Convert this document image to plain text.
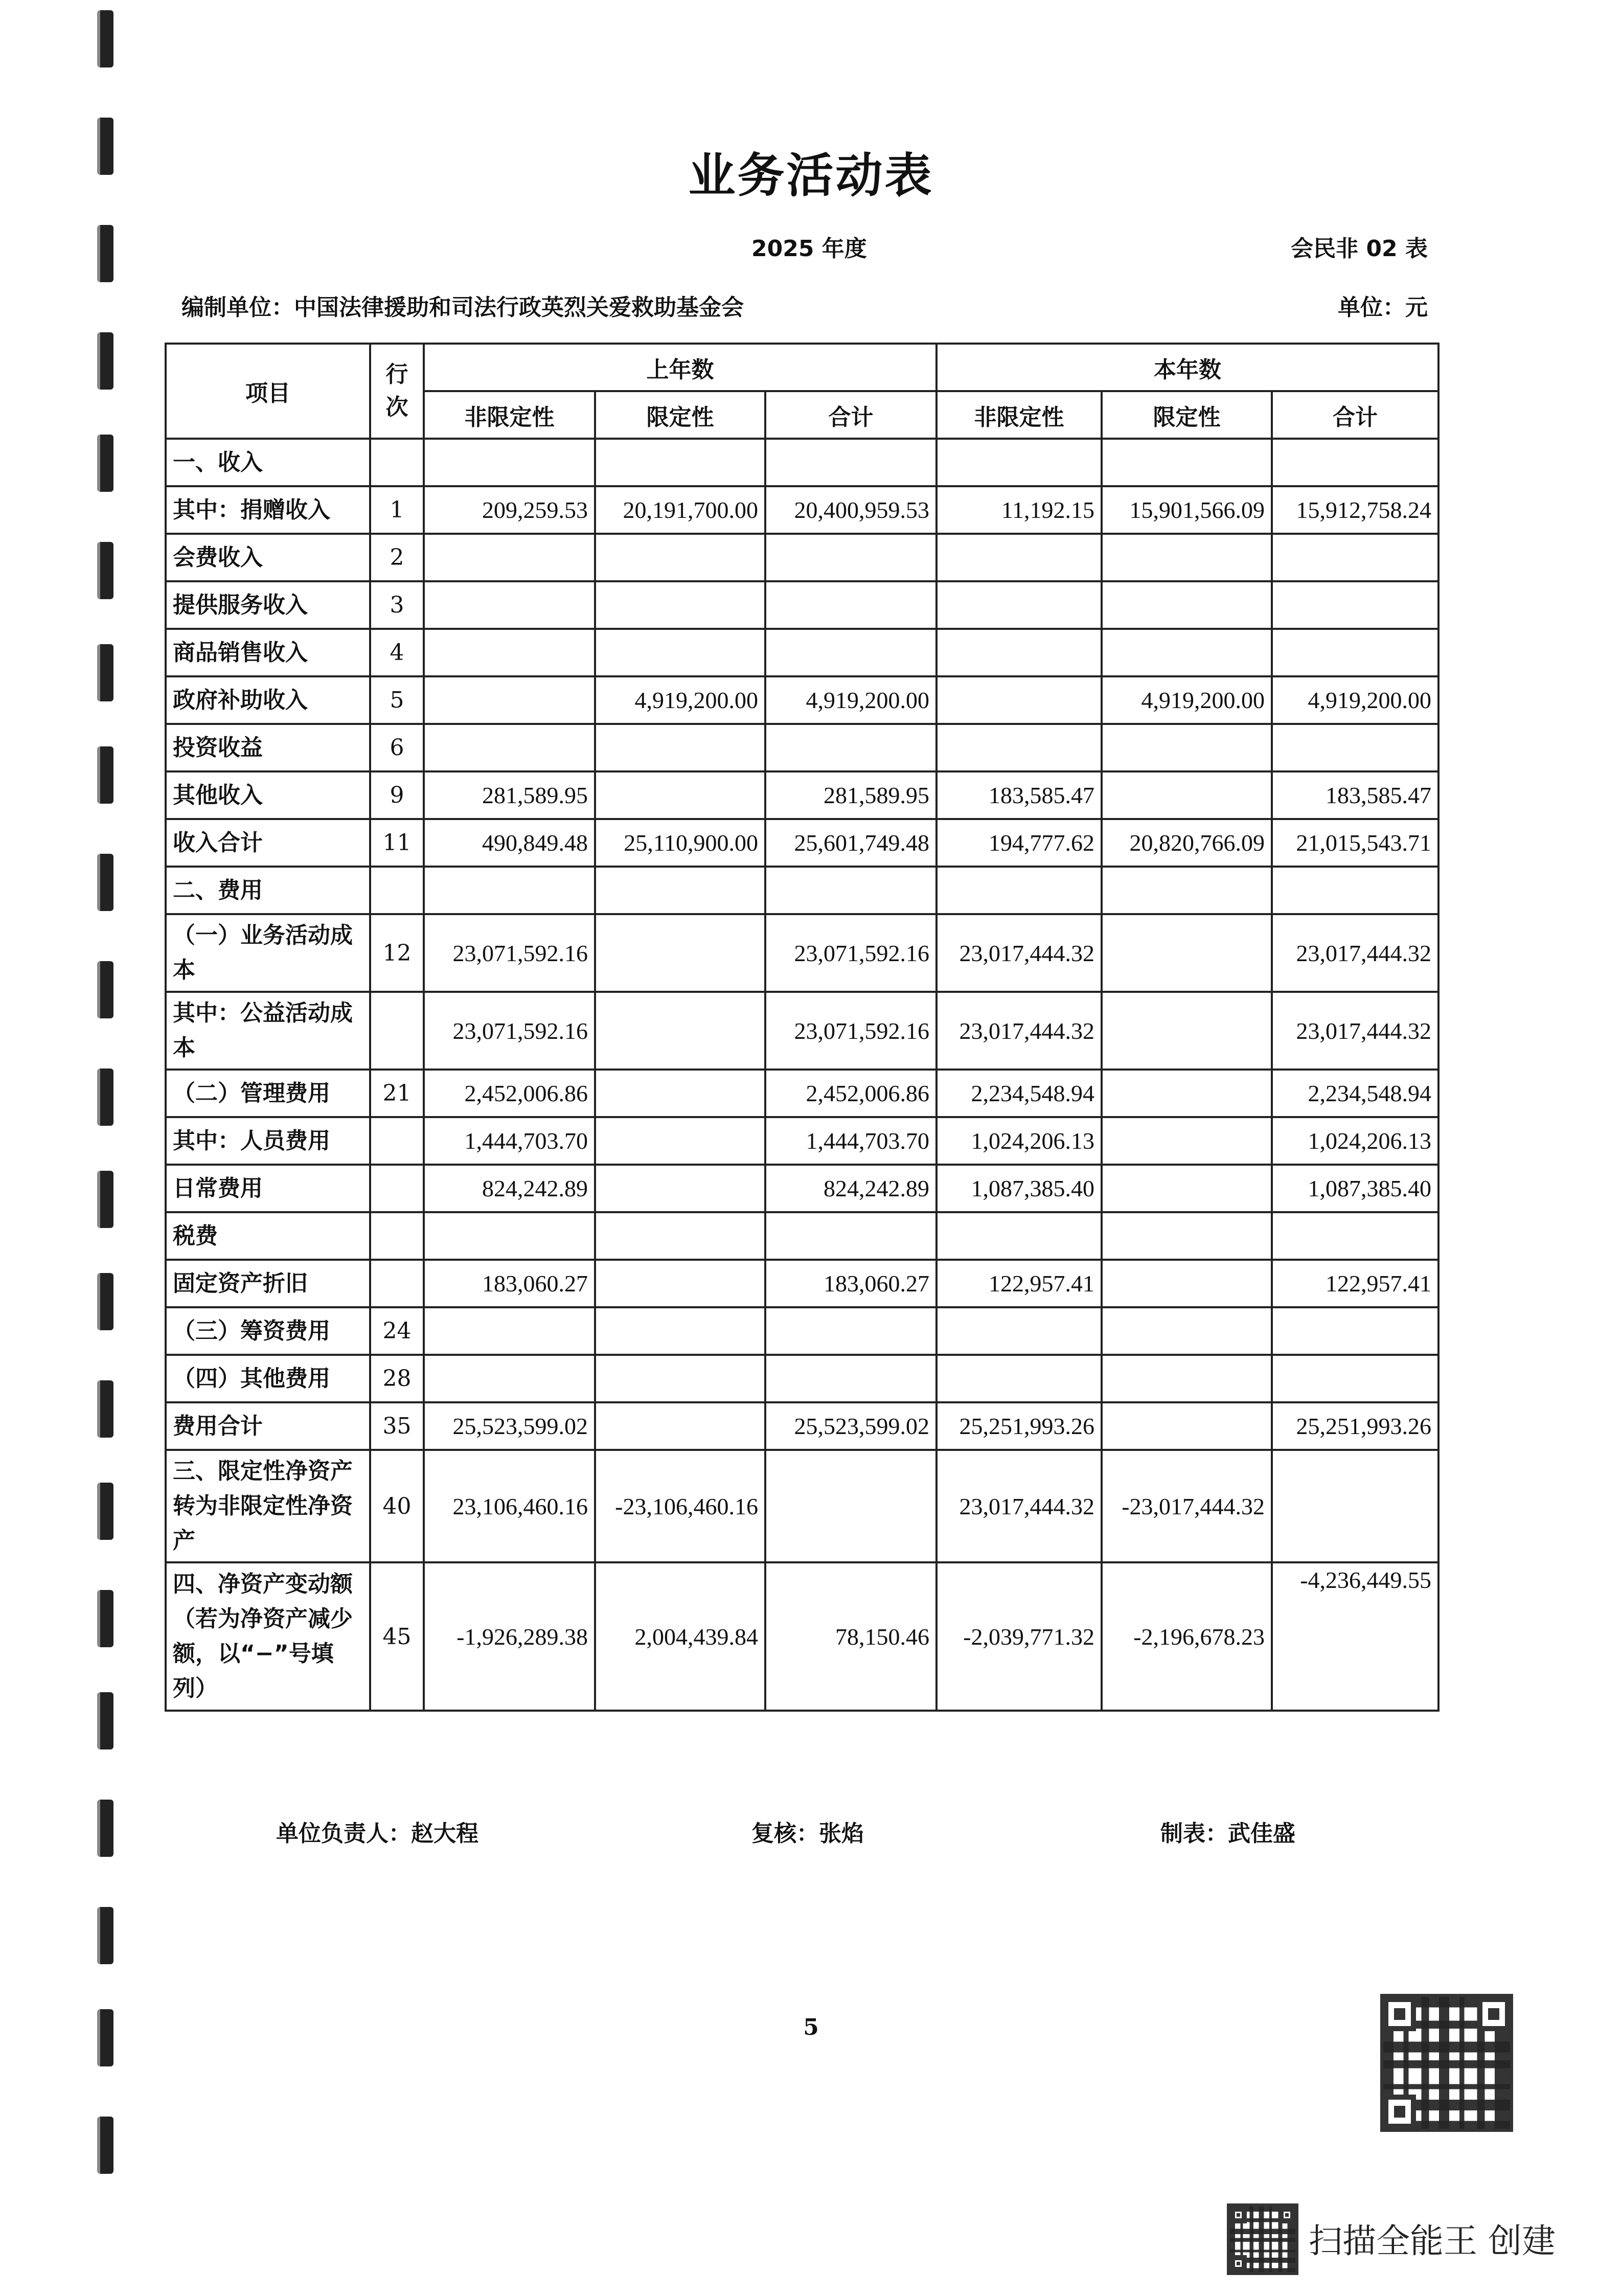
业务活动表
2025 年度	会民非 02 表
编制单位：中国法律援助和司法行政英烈关爱救助基金会	单位：元
项目	行次	上年数			本年数		
		非限定性	限定性	合计	非限定性	限定性	合计
一、收入							
其中：捐赠收入	1	209,259.53	20,191,700.00	20,400,959.53	11,192.15	15,901,566.09	15,912,758.24
会费收入	2						
提供服务收入	3						
商品销售收入	4						
政府补助收入	5		4,919,200.00	4,919,200.00		4,919,200.00	4,919,200.00
投资收益	6						
其他收入	9	281,589.95		281,589.95	183,585.47		183,585.47
收入合计	11	490,849.48	25,110,900.00	25,601,749.48	194,777.62	20,820,766.09	21,015,543.71
二、费用							
（一）业务活动成本	12	23,071,592.16		23,071,592.16	23,017,444.32		23,017,444.32
其中：公益活动成本		23,071,592.16		23,071,592.16	23,017,444.32		23,017,444.32
（二）管理费用	21	2,452,006.86		2,452,006.86	2,234,548.94		2,234,548.94
其中：人员费用		1,444,703.70		1,444,703.70	1,024,206.13		1,024,206.13
日常费用		824,242.89		824,242.89	1,087,385.40		1,087,385.40
税费							
固定资产折旧		183,060.27		183,060.27	122,957.41		122,957.41
（三）筹资费用	24						
（四）其他费用	28						
费用合计	35	25,523,599.02		25,523,599.02	25,251,993.26		25,251,993.26
三、限定性净资产转为非限定性净资产	40	23,106,460.16	-23,106,460.16		23,017,444.32	-23,017,444.32	
四、净资产变动额（若为净资产减少额，以“−”号填列）	45	-1,926,289.38	2,004,439.84	78,150.46	-2,039,771.32	-2,196,678.23	-4,236,449.55
单位负责人：赵大程	复核：张焰	制表：武佳盛
5
扫描全能王 创建
